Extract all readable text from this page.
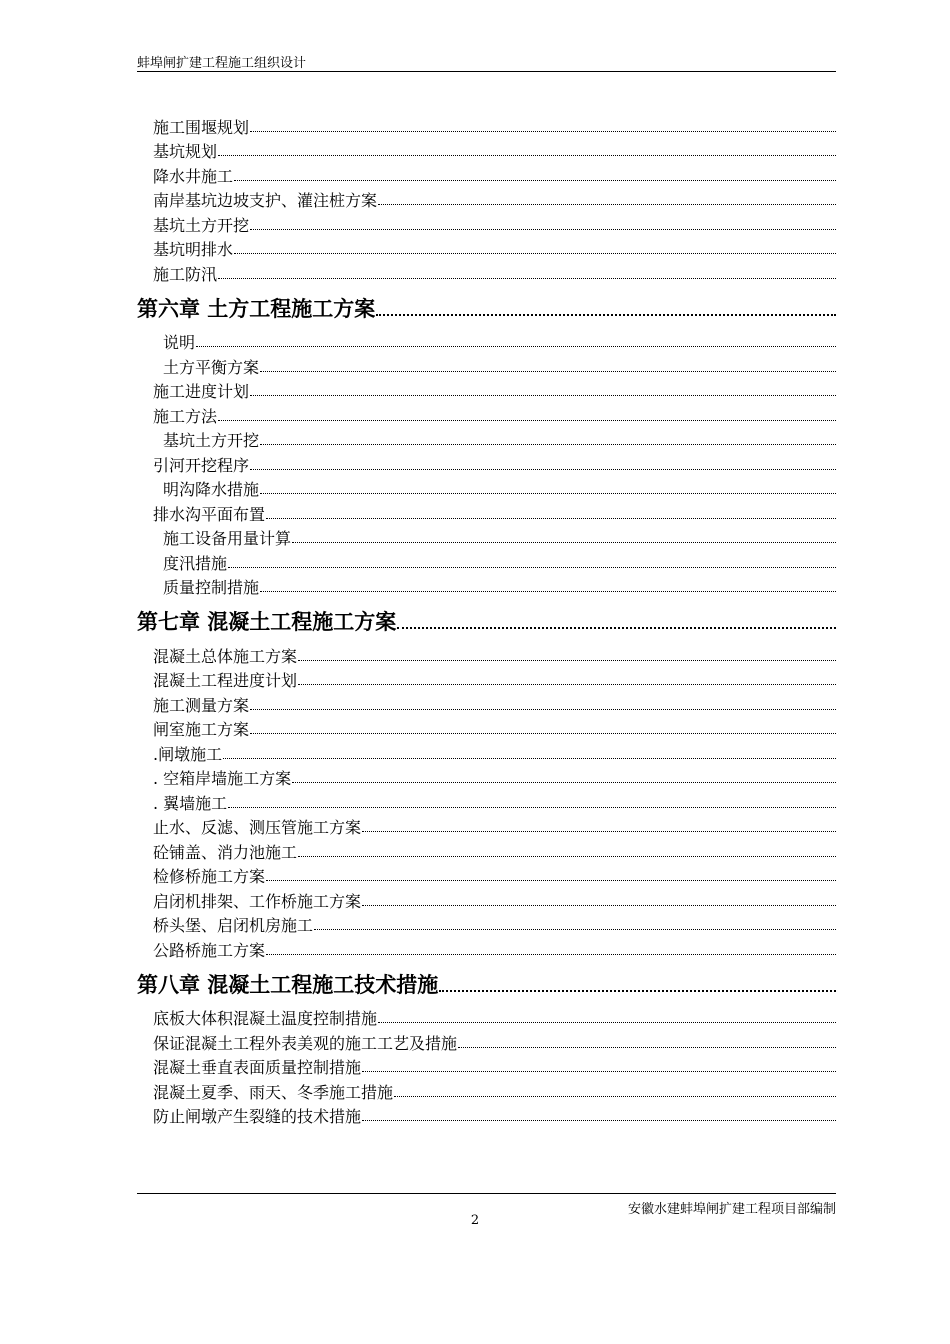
蚌埠闸扩建工程施工组织设计
施工围堰规划
基坑规划
降水井施工
南岸基坑边坡支护、灌注桩方案
基坑土方开挖
基坑明排水
施工防汛
第六章 土方工程施工方案
说明
土方平衡方案
施工进度计划
施工方法
基坑土方开挖
引河开挖程序
明沟降水措施
排水沟平面布置
施工设备用量计算
度汛措施
质量控制措施
第七章 混凝土工程施工方案
混凝土总体施工方案
混凝土工程进度计划
施工测量方案
闸室施工方案
.闸墩施工
. 空箱岸墙施工方案
. 翼墙施工
止水、反滤、测压管施工方案
砼铺盖、消力池施工
检修桥施工方案
启闭机排架、工作桥施工方案
桥头堡、启闭机房施工
公路桥施工方案
第八章 混凝土工程施工技术措施
底板大体积混凝土温度控制措施
保证混凝土工程外表美观的施工工艺及措施
混凝土垂直表面质量控制措施
混凝土夏季、雨天、冬季施工措施
防止闸墩产生裂缝的技术措施
安徽水建蚌埠闸扩建工程项目部编制
2
